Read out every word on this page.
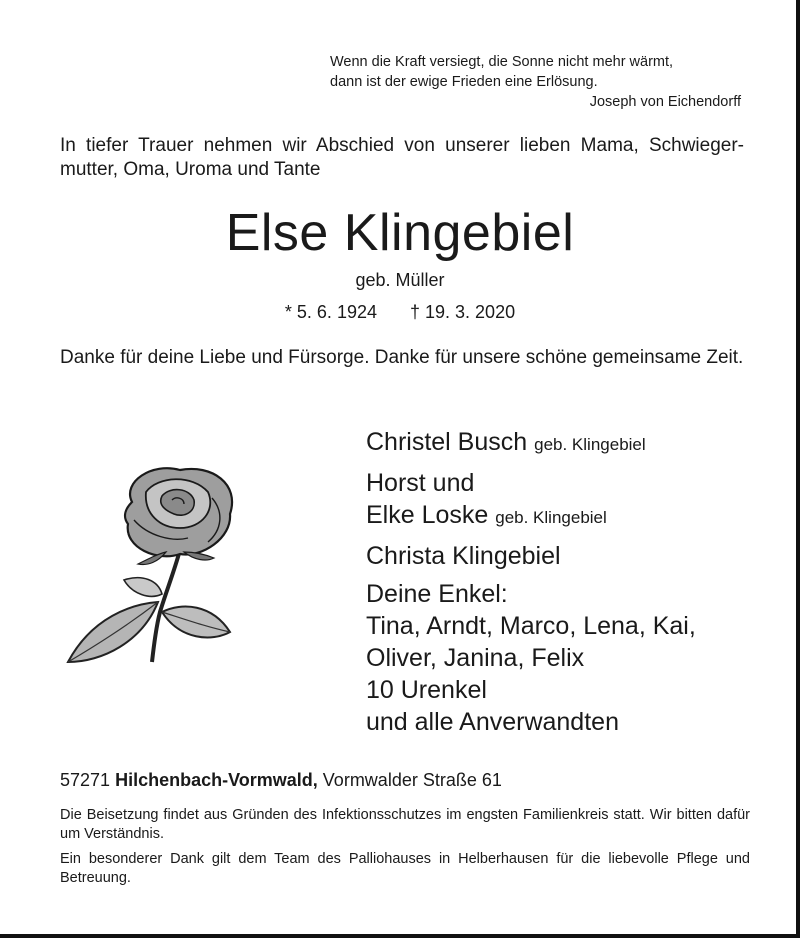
Wenn die Kraft versiegt, die Sonne nicht mehr wärmt,
dann ist der ewige Frieden eine Erlösung.
Joseph von Eichendorff
In tiefer Trauer nehmen wir Abschied von unserer lieben Mama, Schwieger-mutter, Oma, Uroma und Tante
Else Klingebiel
geb. Müller
* 5. 6. 1924 † 19. 3. 2020
Danke für deine Liebe und Fürsorge. Danke für unsere schöne gemeinsame Zeit.
Christel Busch geb. Klingebiel
Horst und
Elke Loske geb. Klingebiel
Christa Klingebiel
Deine Enkel:
Tina, Arndt, Marco, Lena, Kai,
Oliver, Janina, Felix
10 Urenkel
und alle Anverwandten
57271 Hilchenbach-Vormwald, Vormwalder Straße 61

Die Beisetzung findet aus Gründen des Infektionsschutzes im engsten Familienkreis statt. Wir bitten dafür um Verständnis.

Ein besonderer Dank gilt dem Team des Palliohauses in Helberhausen für die liebevolle Pflege und Betreuung.
